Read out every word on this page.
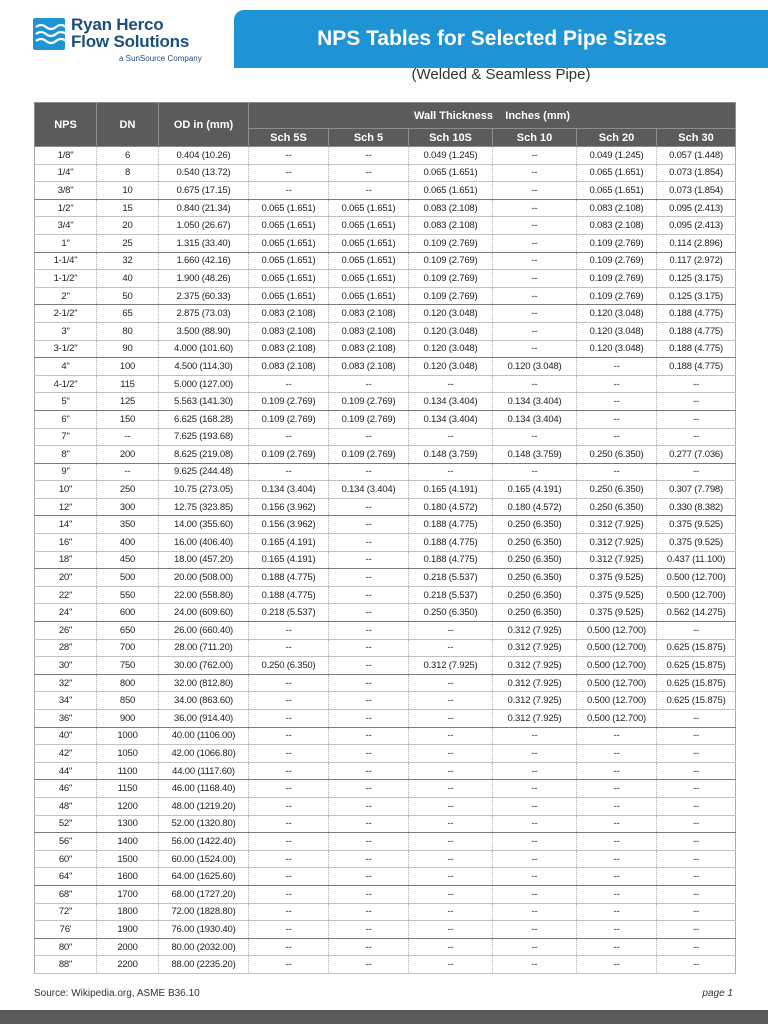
Ryan Herco
Flow Solutions
a SunSource Company
NPS Tables for Selected Pipe Sizes
(Welded & Seamless Pipe)
NPS	DN	OD in (mm)	Wall Thickness    Inches (mm)					
			Sch 5S	Sch 5	Sch 10S	Sch 10	Sch 20	Sch 30
1/8"	6	0.404 (10.26)	--	--	0.049 (1.245)	--	0.049 (1.245)	0.057 (1.448)
1/4"	8	0.540 (13.72)	--	--	0.065 (1.651)	--	0.065 (1.651)	0.073 (1.854)
3/8"	10	0.675 (17.15)	--	--	0.065 (1.651)	--	0.065 (1.651)	0.073 (1.854)
1/2"	15	0.840 (21.34)	0.065 (1.651)	0.065 (1.651)	0.083 (2.108)	--	0.083 (2.108)	0.095 (2.413)
3/4"	20	1.050 (26.67)	0.065 (1.651)	0.065 (1.651)	0.083 (2.108)	--	0.083 (2.108)	0.095 (2.413)
1"	25	1.315 (33.40)	0.065 (1.651)	0.065 (1.651)	0.109 (2.769)	--	0.109 (2.769)	0.114 (2.896)
1-1/4"	32	1.660 (42.16)	0.065 (1.651)	0.065 (1.651)	0.109 (2.769)	--	0.109 (2.769)	0.117 (2.972)
1-1/2"	40	1.900 (48.26)	0.065 (1.651)	0.065 (1.651)	0.109 (2.769)	--	0.109 (2.769)	0.125 (3.175)
2"	50	2.375 (60.33)	0.065 (1.651)	0.065 (1.651)	0.109 (2.769)	--	0.109 (2.769)	0.125 (3.175)
2-1/2"	65	2.875 (73.03)	0.083 (2.108)	0.083 (2.108)	0.120 (3.048)	--	0.120 (3.048)	0.188 (4.775)
3"	80	3.500 (88.90)	0.083 (2.108)	0.083 (2.108)	0.120 (3.048)	--	0.120 (3.048)	0.188 (4.775)
3-1/2"	90	4.000 (101.60)	0.083 (2.108)	0.083 (2.108)	0.120 (3.048)	--	0.120 (3.048)	0.188 (4.775)
4"	100	4.500 (114.30)	0.083 (2.108)	0.083 (2.108)	0.120 (3.048)	0.120 (3.048)	--	0.188 (4.775)
4-1/2"	115	5.000 (127.00)	--	--	--	--	--	--
5"	125	5.563 (141.30)	0.109 (2.769)	0.109 (2.769)	0.134 (3.404)	0.134 (3.404)	--	--
6"	150	6.625 (168.28)	0.109 (2.769)	0.109 (2.769)	0.134 (3.404)	0.134 (3.404)	--	--
7"	--	7.625 (193.68)	--	--	--	--	--	--
8"	200	8.625 (219.08)	0.109 (2.769)	0.109 (2.769)	0.148 (3.759)	0.148 (3.759)	0.250 (6.350)	0.277 (7.036)
9"	--	9.625 (244.48)	--	--	--	--	--	--
10"	250	10.75 (273.05)	0.134 (3.404)	0.134 (3.404)	0.165 (4.191)	0.165 (4.191)	0.250 (6.350)	0.307 (7.798)
12"	300	12.75 (323.85)	0.156 (3.962)	--	0.180 (4.572)	0.180 (4.572)	0.250 (6.350)	0.330 (8.382)
14"	350	14.00 (355.60)	0.156 (3.962)	--	0.188 (4.775)	0.250 (6.350)	0.312 (7.925)	0.375 (9.525)
16"	400	16.00 (406.40)	0.165 (4.191)	--	0.188 (4.775)	0.250 (6.350)	0.312 (7.925)	0.375 (9.525)
18"	450	18.00 (457.20)	0.165 (4.191)	--	0.188 (4.775)	0.250 (6.350)	0.312 (7.925)	0.437 (11.100)
20"	500	20.00 (508.00)	0.188 (4.775)	--	0.218 (5.537)	0.250 (6.350)	0.375 (9.525)	0.500 (12.700)
22"	550	22.00 (558.80)	0.188 (4.775)	--	0.218 (5.537)	0.250 (6.350)	0.375 (9.525)	0.500 (12.700)
24"	600	24.00 (609.60)	0.218 (5.537)	--	0.250 (6.350)	0.250 (6.350)	0.375 (9.525)	0.562 (14.275)
26"	650	26.00 (660.40)	--	--	--	0.312 (7.925)	0.500 (12.700)	--
28"	700	28.00 (711.20)	--	--	--	0.312 (7.925)	0.500 (12.700)	0.625 (15.875)
30"	750	30.00 (762.00)	0.250 (6.350)	--	0.312 (7.925)	0.312 (7.925)	0.500 (12.700)	0.625 (15.875)
32"	800	32.00 (812.80)	--	--	--	0.312 (7.925)	0.500 (12.700)	0.625 (15.875)
34"	850	34.00 (863.60)	--	--	--	0.312 (7.925)	0.500 (12.700)	0.625 (15.875)
36"	900	36.00 (914.40)	--	--	--	0.312 (7.925)	0.500 (12.700)	--
40"	1000	40.00 (1106.00)	--	--	--	--	--	--
42"	1050	42.00 (1066.80)	--	--	--	--	--	--
44"	1100	44.00 (1117.60)	--	--	--	--	--	--
46"	1150	46.00 (1168.40)	--	--	--	--	--	--
48"	1200	48.00 (1219.20)	--	--	--	--	--	--
52"	1300	52.00 (1320.80)	--	--	--	--	--	--
56"	1400	56.00 (1422.40)	--	--	--	--	--	--
60"	1500	60.00 (1524.00)	--	--	--	--	--	--
64"	1600	64.00 (1625.60)	--	--	--	--	--	--
68"	1700	68.00 (1727.20)	--	--	--	--	--	--
72"	1800	72.00 (1828.80)	--	--	--	--	--	--
76'	1900	76.00 (1930.40)	--	--	--	--	--	--
80"	2000	80.00 (2032.00)	--	--	--	--	--	--
88"	2200	88.00 (2235.20)	--	--	--	--	--	--
Source: Wikipedia.org, ASME B36.10	page 1
